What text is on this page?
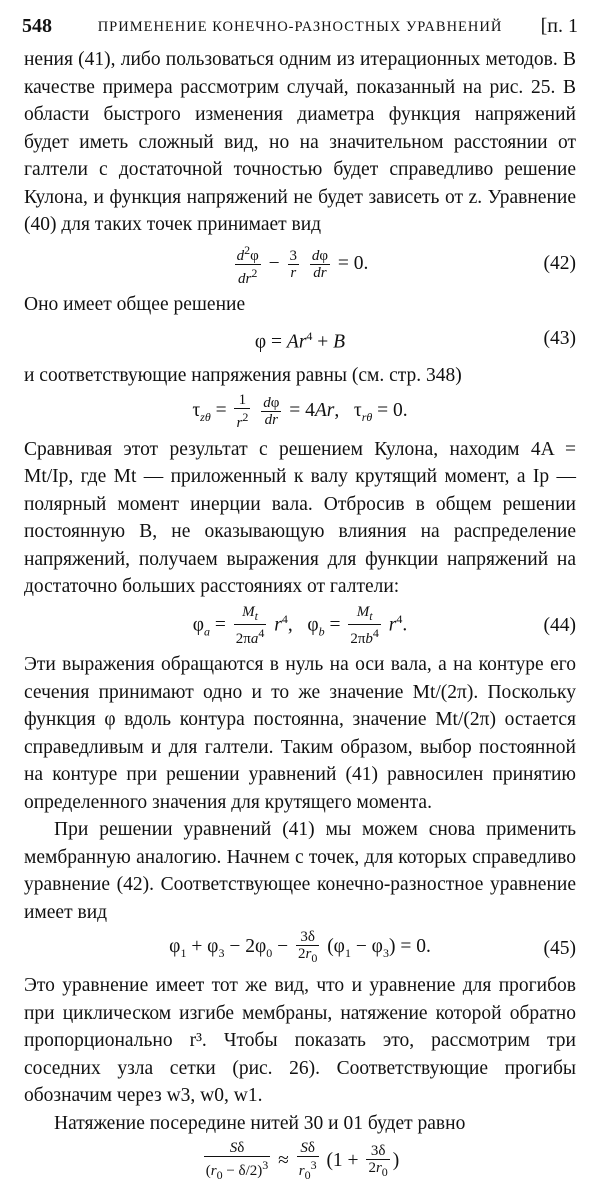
548	ПРИМЕНЕНИЕ КОНЕЧНО-РАЗНОСТНЫХ УРАВНЕНИЙ	[п. 1

нения (41), либо пользоваться одним из итерационных методов. В качестве примера рассмотрим случай, показанный на рис. 25. В области быстрого изменения диаметра функция напряжений будет иметь сложный вид, но на значительном расстоянии от галтели с достаточной точностью будет справедливо решение Кулона, и функция напряжений не будет зависеть от z. Уравнение (40) для таких точек принимает вид

$\frac{d^2\varphi}{dr^2} - \frac{3}{r}$
$\frac{d\varphi}{dr} = 0$.	(42)

Оно имеет общее решение

$\varphi = Ar^4 + B$	(43)

и соответствующие напряжения равны (см. стр. 348)

$\tau_{z\theta} = \frac{1}{r^2}$
$\frac{d\varphi}{dr} = 4Ar$,   $\tau_{r\theta} = 0$.

Сравнивая этот результат с решением Кулона, находим 4A = Mt/Ip, где Mt — приложенный к валу крутящий момент, а Ip — полярный момент инерции вала. Отбросив в общем решении постоянную B, не оказывающую влияния на распределение напряжений, получаем выражения для функции напряжений на достаточно больших расстояниях от галтели:

$\varphi_a = \frac{M_t}{2\pi a^4} r^4$,   $\varphi_b = \frac{M_t}{2\pi b^4} r^4$.	(44)

Эти выражения обращаются в нуль на оси вала, а на контуре его сечения принимают одно и то же значение Mt/(2π). Поскольку функция φ вдоль контура постоянна, значение Mt/(2π) остается справедливым и для галтели. Таким образом, выбор постоянной на контуре при решении уравнений (41) равносилен принятию определенного значения для крутящего момента.

При решении уравнений (41) мы можем снова применить мембранную аналогию. Начнем с точек, для которых справедливо уравнение (42). Соответствующее конечно-разностное уравнение имеет вид

$\varphi_1 + \varphi_3 - 2\varphi_0 - \frac{3\delta}{2r_0} (\varphi_1 - \varphi_3) = 0$.	(45)

Это уравнение имеет тот же вид, что и уравнение для прогибов при циклическом изгибе мембраны, натяжение которой обратно пропорционально r³. Чтобы показать это, рассмотрим три соседних узла сетки (рис. 26). Соответствующие прогибы обозначим через w3, w0, w1.

Натяжение посередине нитей 30 и 01 будет равно

$\frac{S\delta}{(r_0 - \delta/2)^3} \approx \frac{S\delta}{r_0^3} (1 + \frac{3\delta}{2r_0}$ )
